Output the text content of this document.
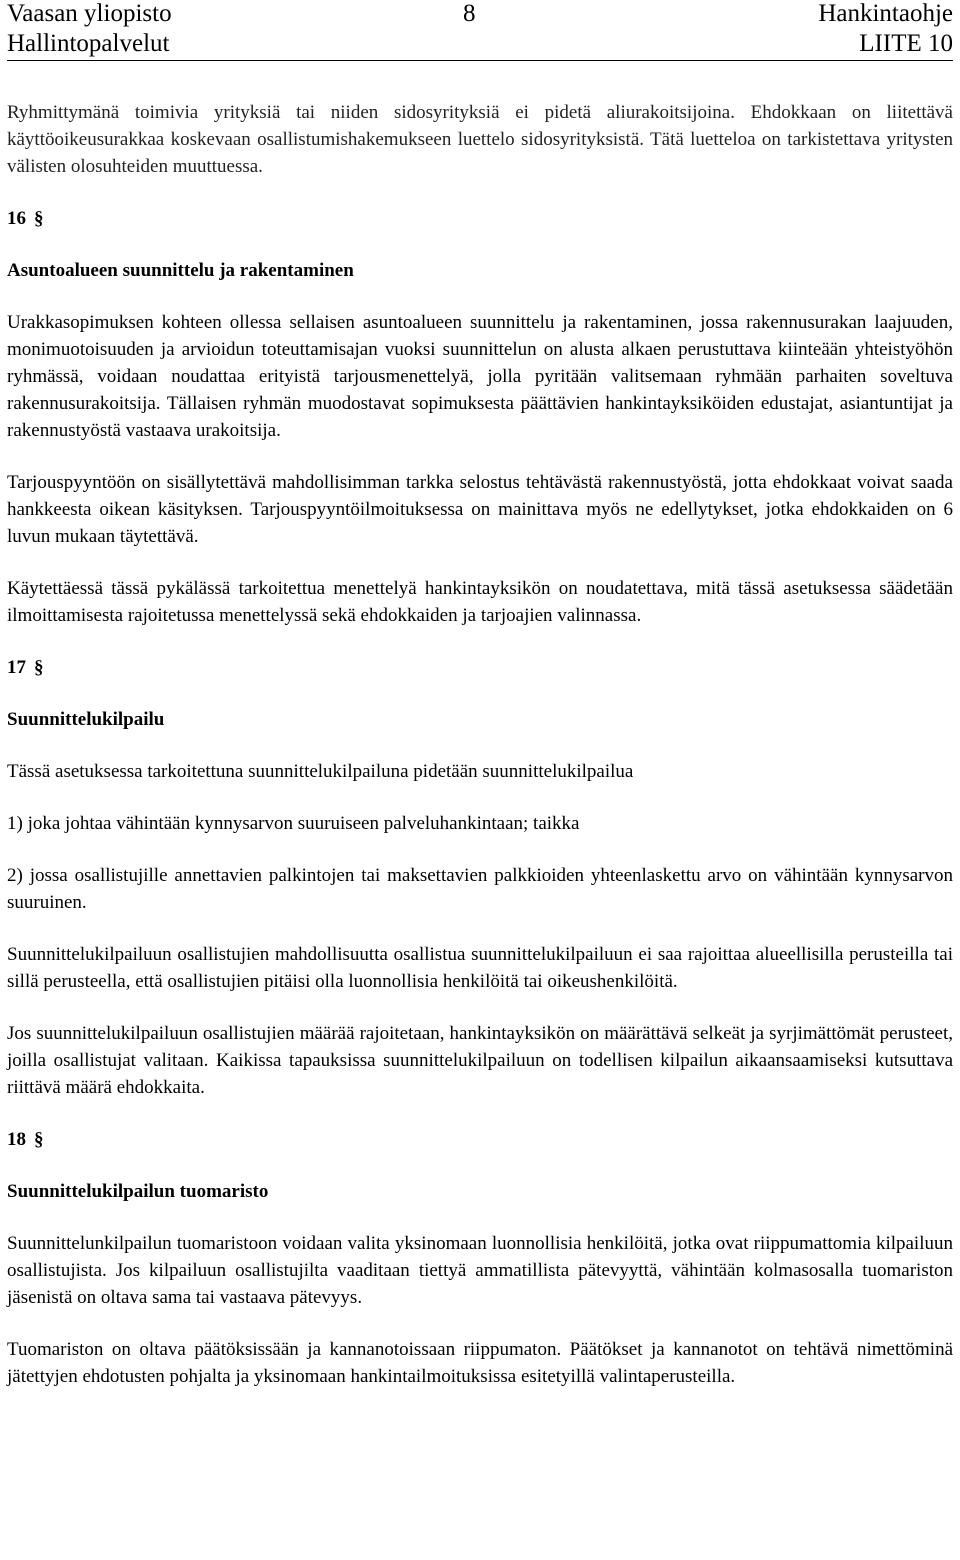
Vaasan yliopisto	8	Hankintaohje
Hallintopalvelut	LIITE 10

Ryhmittymänä toimivia yrityksiä tai niiden sidosyrityksiä ei pidetä aliurakoitsijoina. Ehdokkaan on liitettävä käyttöoikeusurakkaa koskevaan osallistumishakemukseen luettelo sidosyrityksistä. Tätä luetteloa on tarkistettava yritysten välisten olosuhteiden muuttuessa.

16 §

Asuntoalueen suunnittelu ja rakentaminen

Urakkasopimuksen kohteen ollessa sellaisen asuntoalueen suunnittelu ja rakentaminen, jossa rakennusurakan laajuuden, monimuotoisuuden ja arvioidun toteuttamisajan vuoksi suunnittelun on alusta alkaen perustuttava kiinteään yhteistyöhön ryhmässä, voidaan noudattaa erityistä tarjousmenettelyä, jolla pyritään valitsemaan ryhmään parhaiten soveltuva rakennusurakoitsija. Tällaisen ryhmän muodostavat sopimuksesta päättävien hankintayksiköiden edustajat, asiantuntijat ja rakennustyöstä vastaava urakoitsija.

Tarjouspyyntöön on sisällytettävä mahdollisimman tarkka selostus tehtävästä rakennustyöstä, jotta ehdokkaat voivat saada hankkeesta oikean käsityksen. Tarjouspyyntöilmoituksessa on mainittava myös ne edellytykset, jotka ehdokkaiden on 6 luvun mukaan täytettävä.

Käytettäessä tässä pykälässä tarkoitettua menettelyä hankintayksikön on noudatettava, mitä tässä asetuksessa säädetään ilmoittamisesta rajoitetussa menettelyssä sekä ehdokkaiden ja tarjoajien valinnassa.

17 §

Suunnittelukilpailu

Tässä asetuksessa tarkoitettuna suunnittelukilpailuna pidetään suunnittelukilpailua

1) joka johtaa vähintään kynnysarvon suuruiseen palveluhankintaan; taikka

2) jossa osallistujille annettavien palkintojen tai maksettavien palkkioiden yhteenlaskettu arvo on vähintään kynnysarvon suuruinen.

Suunnittelukilpailuun osallistujien mahdollisuutta osallistua suunnittelukilpailuun ei saa rajoittaa alueellisilla perusteilla tai sillä perusteella, että osallistujien pitäisi olla luonnollisia henkilöitä tai oikeushenkilöitä.

Jos suunnittelukilpailuun osallistujien määrää rajoitetaan, hankintayksikön on määrättävä selkeät ja syrjimättömät perusteet, joilla osallistujat valitaan. Kaikissa tapauksissa suunnittelukilpailuun on todellisen kilpailun aikaansaamiseksi kutsuttava riittävä määrä ehdokkaita.

18 §

Suunnittelukilpailun tuomaristo

Suunnittelunkilpailun tuomaristoon voidaan valita yksinomaan luonnollisia henkilöitä, jotka ovat riippumattomia kilpailuun osallistujista. Jos kilpailuun osallistujilta vaaditaan tiettyä ammatillista pätevyyttä, vähintään kolmasosalla tuomariston jäsenistä on oltava sama tai vastaava pätevyys.

Tuomariston on oltava päätöksissään ja kannanotoissaan riippumaton. Päätökset ja kannanotot on tehtävä nimettöminä jätettyjen ehdotusten pohjalta ja yksinomaan hankintailmoituksissa esitetyillä valintaperusteilla.
